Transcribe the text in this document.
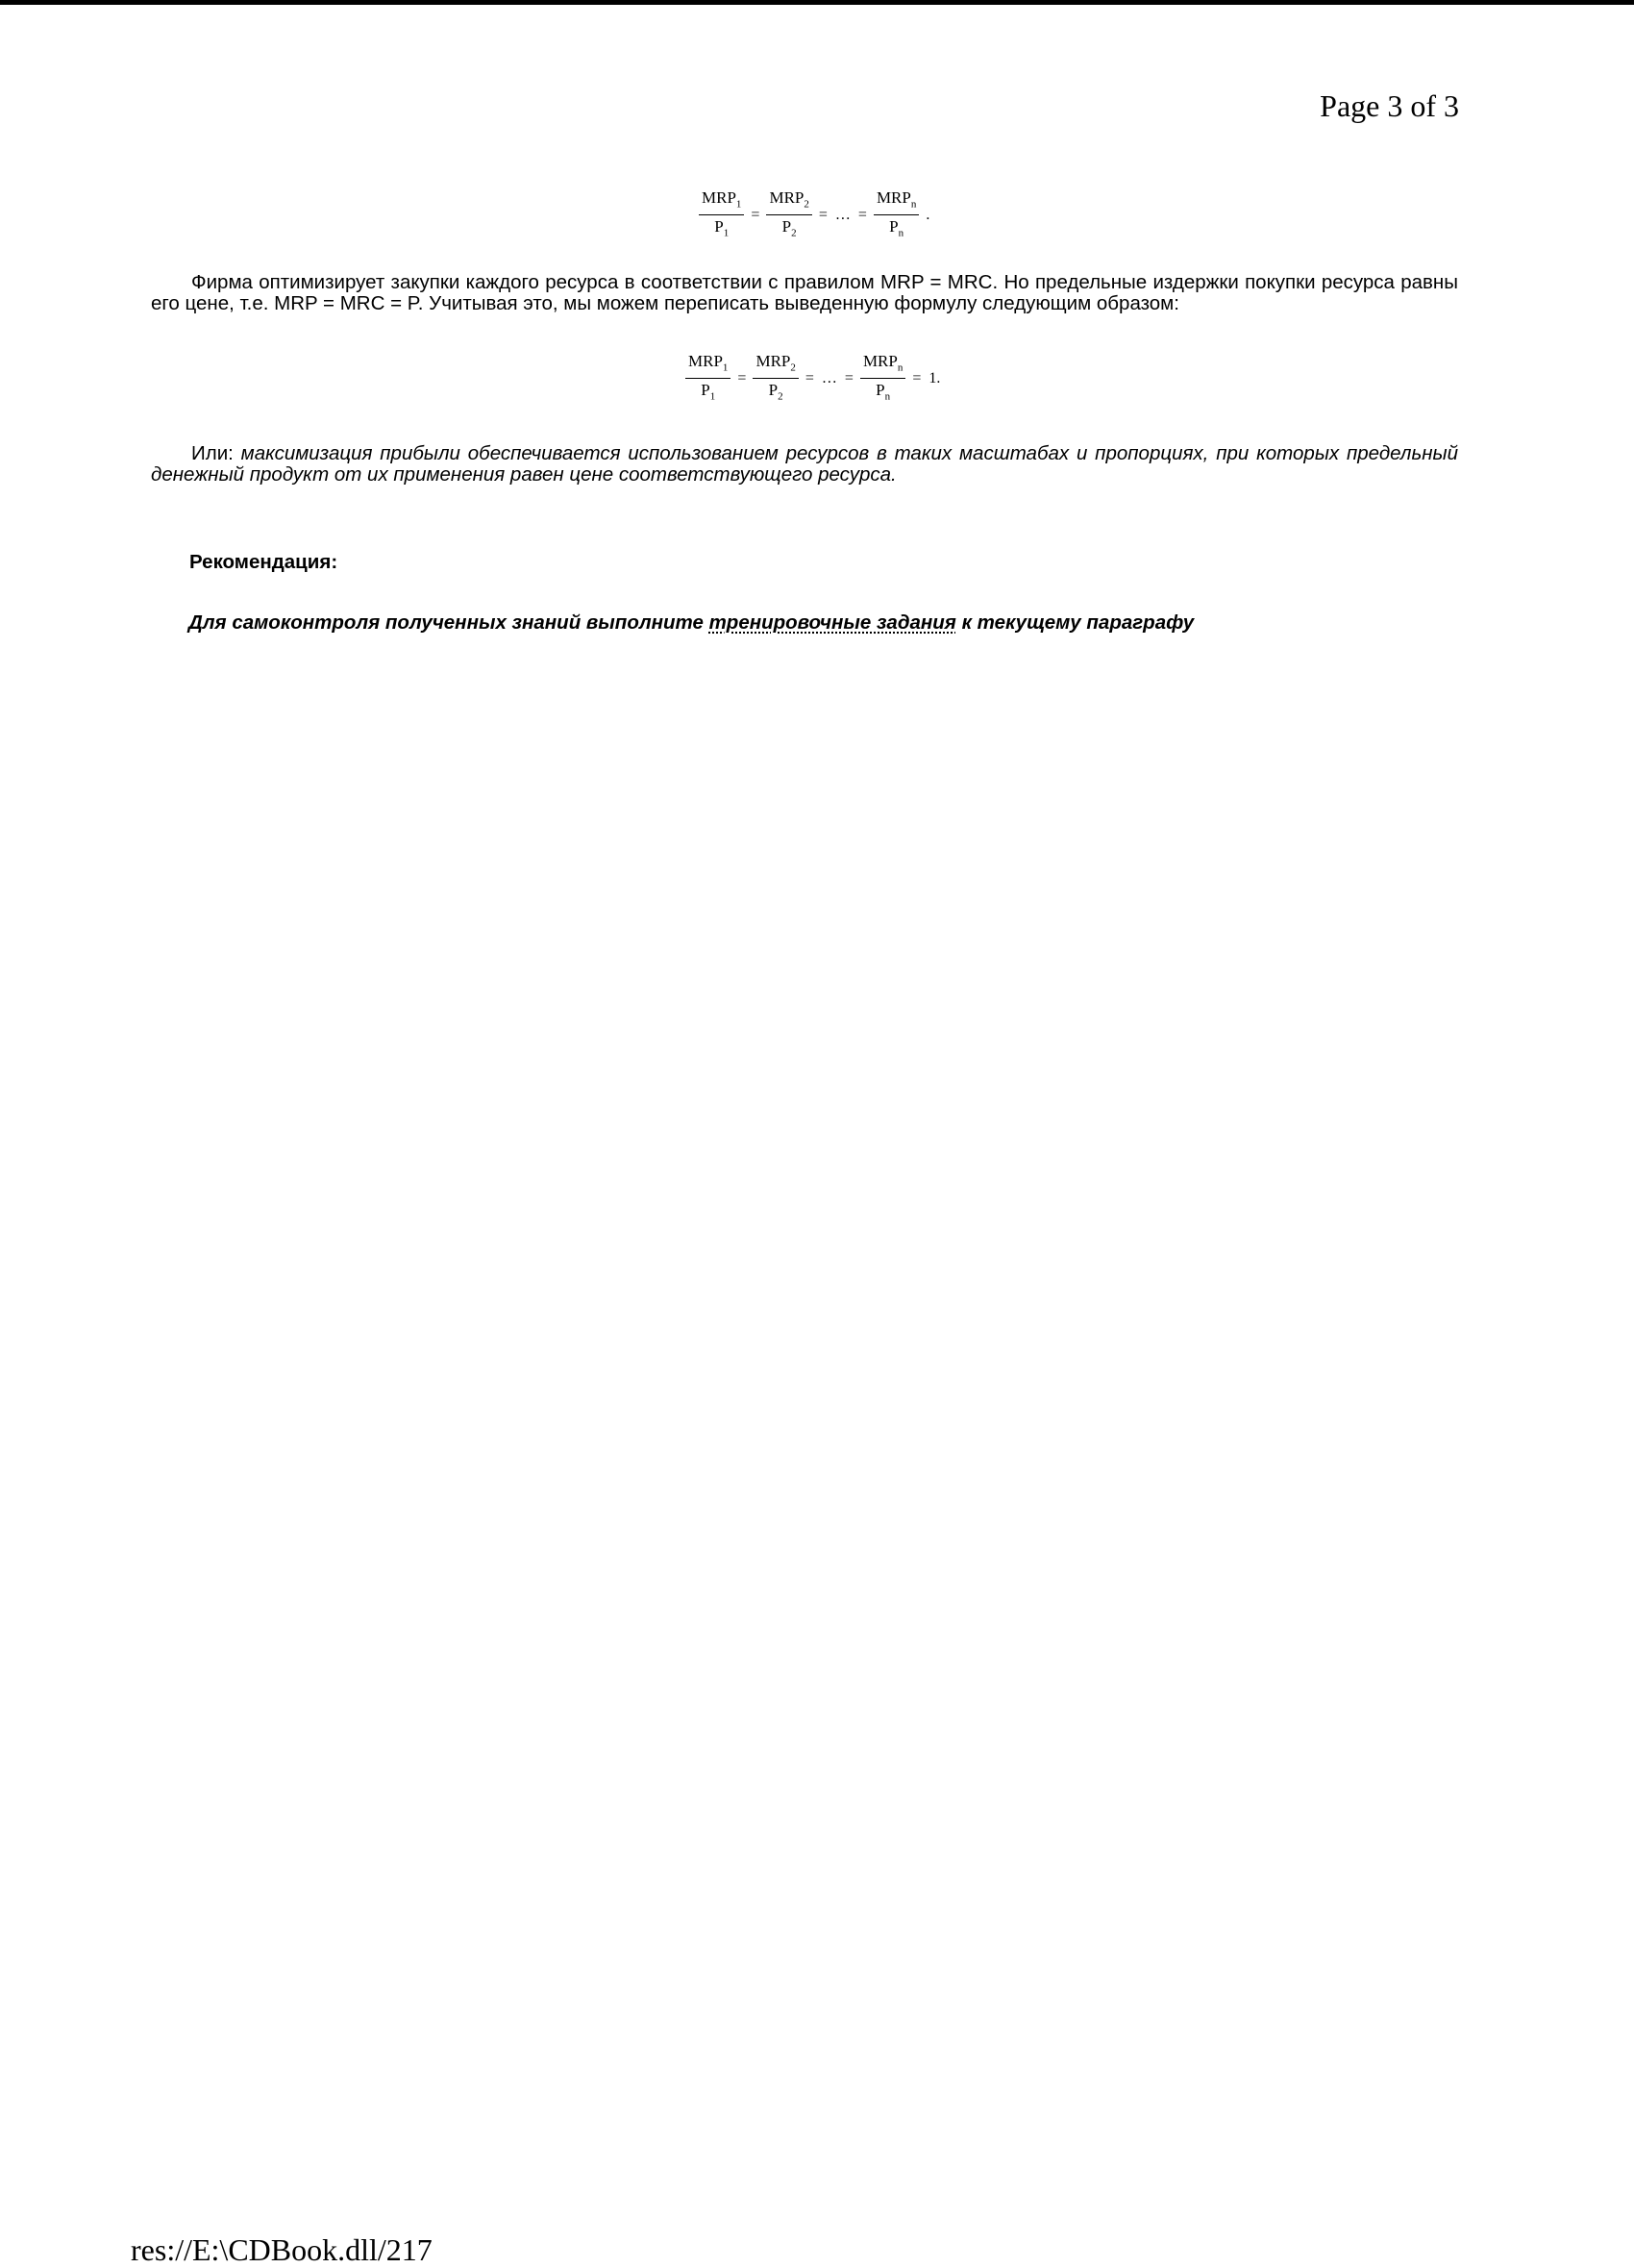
Page 3 of 3
$\frac{MRP_1}{P_1} = \frac{MRP_2}{P_2}$ = … = $\frac{MRP_n}{P_n}$ .
Фирма оптимизирует закупки каждого ресурса в соответствии с правилом MRP = MRC. Но предельные издержки покупки ресурса равны его цене, т.е. MRP = MRC = P. Учитывая это, мы можем переписать выведенную формулу следующим образом:
$\frac{MRP_1}{P_1} = \frac{MRP_2}{P_2}$ = … = $\frac{MRP_n}{P_n} = 1$.
Или: максимизация прибыли обеспечивается использованием ресурсов в таких масштабах и пропорциях, при которых предельный денежный продукт от их применения равен цене соответствующего ресурса.
Рекомендация:
Для самоконтроля полученных знаний выполните тренировочные задания к текущему параграфу
res://E:\CDBook.dll/217
